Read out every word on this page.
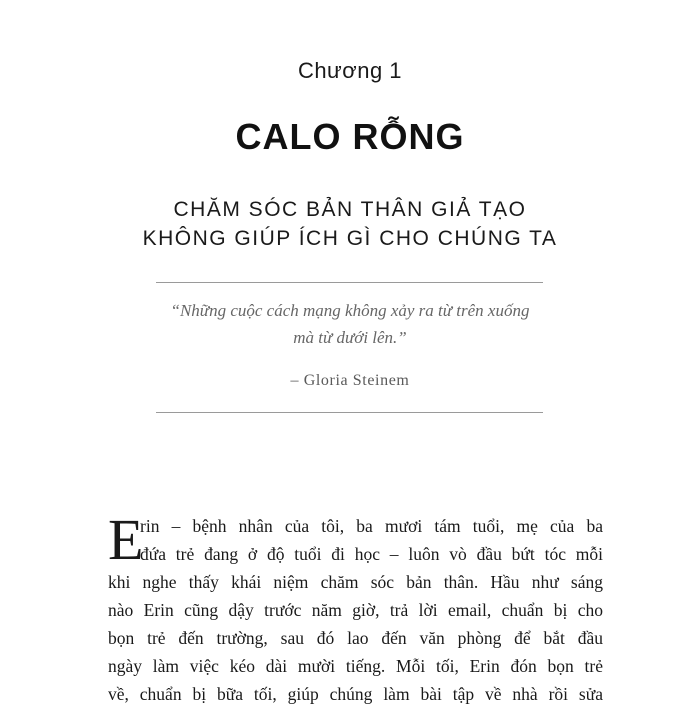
Chương 1
CALO RỖNG
CHĂM SÓC BẢN THÂN GIẢ TẠO
KHÔNG GIÚP ÍCH GÌ CHO CHÚNG TA
“Những cuộc cách mạng không xảy ra từ trên xuống
mà từ dưới lên.”
– Gloria Steinem
E
rin – bệnh nhân của tôi, ba mươi tám tuổi, mẹ của ba
đứa trẻ đang ở độ tuổi đi học – luôn vò đầu bứt tóc mỗi
khi nghe thấy khái niệm chăm sóc bản thân. Hầu như sáng
nào Erin cũng dậy trước năm giờ, trả lời email, chuẩn bị cho
bọn trẻ đến trường, sau đó lao đến văn phòng để bắt đầu
ngày làm việc kéo dài mười tiếng. Mỗi tối, Erin đón bọn trẻ
về, chuẩn bị bữa tối, giúp chúng làm bài tập về nhà rồi sửa
